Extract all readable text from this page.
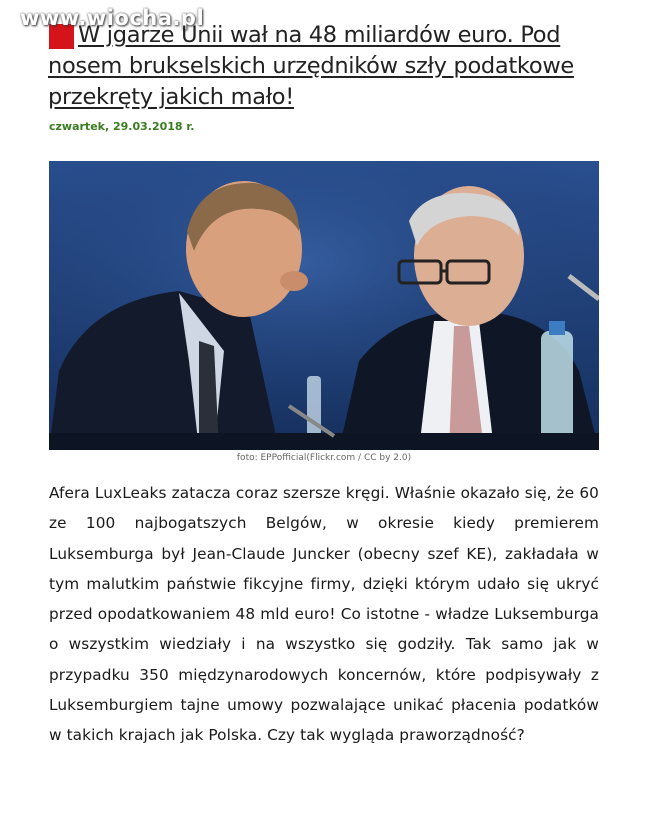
www.wiocha.pl
W jgarze Unii wał na 48 miliardów euro. Pod nosem brukselskich urzędników szły podatkowe przekręty jakich mało!
czwartek, 29.03.2018 r.
foto: EPPofficial(Flickr.com / CC by 2.0)

Afera LuxLeaks zatacza coraz szersze kręgi. Właśnie okazało się, że 60 ze 100 najbogatszych Belgów, w okresie kiedy premierem Luksemburga był Jean-Claude Juncker (obecny szef KE), zakładała w tym malutkim państwie fikcyjne firmy, dzięki którym udało się ukryć przed opodatkowaniem 48 mld euro! Co istotne - władze Luksemburga o wszystkim wiedziały i na wszystko się godziły. Tak samo jak w przypadku 350 międzynarodowych koncernów, które podpisywały z Luksemburgiem tajne umowy pozwalające unikać płacenia podatków w takich krajach jak Polska. Czy tak wygląda praworządność?
